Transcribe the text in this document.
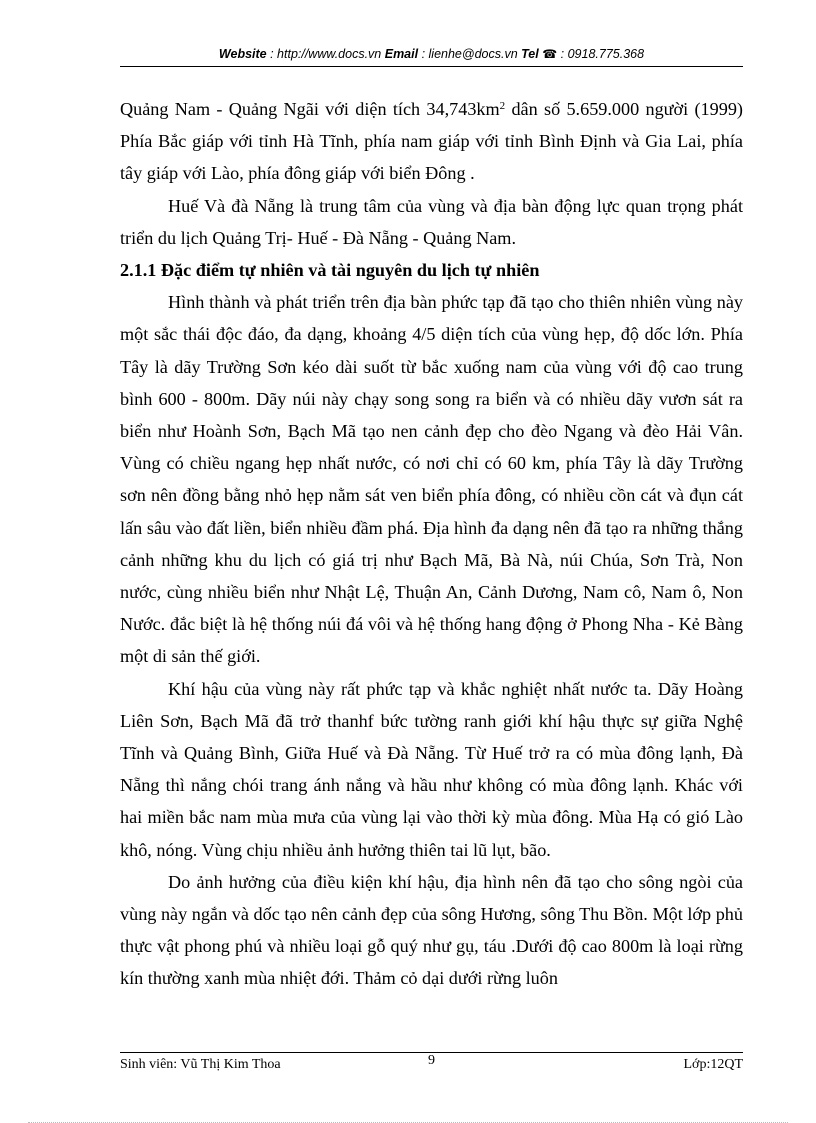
Website : http://www.docs.vn Email : lienhe@docs.vn Tel ☎ : 0918.775.368

Quảng Nam - Quảng Ngãi với diện tích $34,743km^2$ dân số 5.659.000 người (1999) Phía Bắc giáp với tỉnh Hà Tĩnh, phía nam giáp với tỉnh Bình Định và Gia Lai, phía tây giáp với Lào, phía đông giáp với biển Đông .

Huế Và đà Nẵng là trung tâm của vùng và địa bàn động lực quan trọng phát triển du lịch Quảng Trị- Huế - Đà Nẵng - Quảng Nam.

2.1.1 Đặc điểm tự nhiên và tài nguyên du lịch tự nhiên

Hình thành và phát triển trên địa bàn phức tạp đã tạo cho thiên nhiên vùng này một sắc thái độc đáo, đa dạng, khoảng 4/5 diện tích của vùng hẹp, độ dốc lớn. Phía Tây là dãy Trường Sơn kéo dài suốt từ bắc xuống nam của vùng với độ cao trung bình 600 - 800m. Dãy núi này chạy song song ra biển và có nhiều dãy vươn sát ra biển như Hoành Sơn, Bạch Mã tạo nen cảnh đẹp cho đèo Ngang và đèo Hải Vân. Vùng có chiều ngang hẹp nhất nước, có nơi chỉ có 60 km, phía Tây là dãy Trường sơn nên đồng bằng nhỏ hẹp nằm sát ven biển phía đông, có nhiều cồn cát và đụn cát lấn sâu vào đất liền, biển nhiều đầm phá. Địa hình đa dạng nên đã tạo ra những thắng cảnh những khu du lịch có giá trị như Bạch Mã, Bà Nà, núi Chúa, Sơn Trà, Non nước, cùng nhiều biển như Nhật Lệ, Thuận An, Cảnh Dương, Nam cô, Nam ô, Non Nước. đắc biệt là hệ thống núi đá vôi và hệ thống hang động ở Phong Nha - Kẻ Bàng một di sản thế giới.

Khí hậu của vùng này rất phức tạp và khắc nghiệt nhất nước ta. Dãy Hoàng Liên Sơn, Bạch Mã đã trở thanhf bức tường ranh giới khí hậu thực sự giữa Nghệ Tĩnh và Quảng Bình, Giữa Huế và Đà Nẵng. Từ Huế trở ra có mùa đông lạnh, Đà Nẵng thì nắng chói trang ánh nắng và hầu như không có mùa đông lạnh. Khác với hai miền bắc nam mùa mưa của vùng lại vào thời kỳ mùa đông. Mùa Hạ có gió Lào khô, nóng. Vùng chịu nhiều ảnh hưởng thiên tai lũ lụt, bão.

Do ảnh hưởng của điều kiện khí hậu, địa hình nên đã tạo cho sông ngòi của vùng này ngắn và dốc tạo nên cảnh đẹp của sông Hương, sông Thu Bồn. Một lớp phủ thực vật phong phú và nhiều loại gỗ quý như gụ, táu .Dưới độ cao 800m là loại rừng kín thường xanh mùa nhiệt đới. Thảm cỏ dại dưới rừng luôn

Sinh viên: Vũ Thị Kim Thoa	9	Lớp:12QT
